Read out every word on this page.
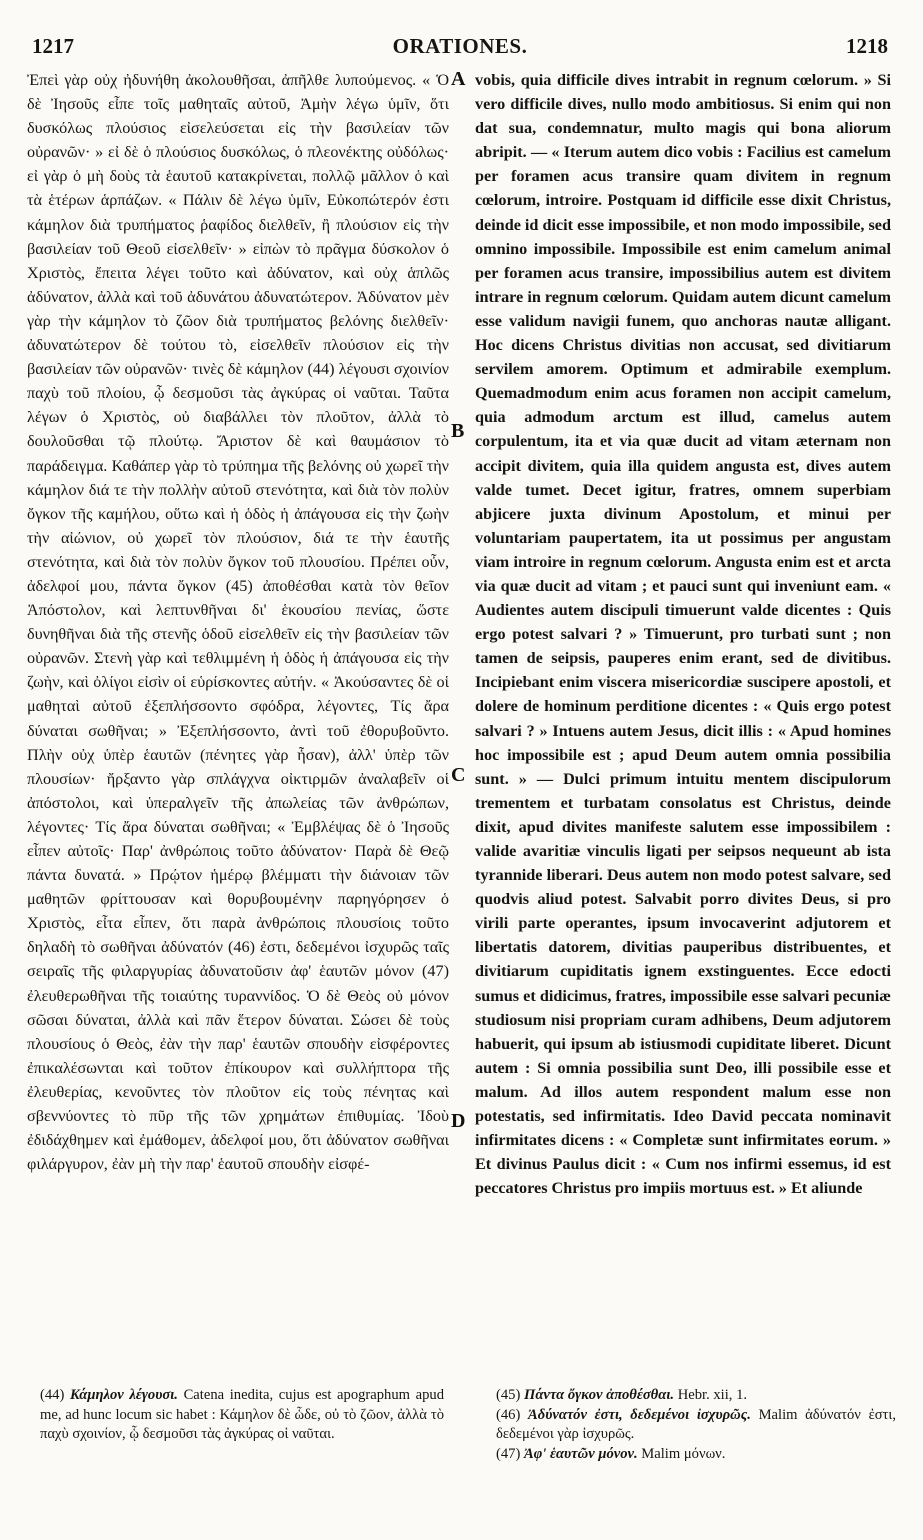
1217	ORATIONES.	1218

Ἐπεὶ γὰρ οὐχ ἠδυνήθη ἀκολουθῆσαι, ἀπῆλθε λυπούμενος. « Ὁ δὲ Ἰησοῦς εἶπε τοῖς μαθηταῖς αὐτοῦ, Ἀμὴν λέγω ὑμῖν, ὅτι δυσκόλως πλούσιος εἰσελεύσεται εἰς τὴν βασιλείαν τῶν οὐρανῶν· » εἰ δὲ ὁ πλούσιος δυσκόλως, ὁ πλεονέκτης οὐδόλως· εἰ γὰρ ὁ μὴ δοὺς τὰ ἑαυτοῦ κατακρίνεται, πολλῷ μᾶλλον ὁ καὶ τὰ ἑτέρων ἁρπάζων. « Πάλιν δὲ λέγω ὑμῖν, Εὐκοπώτερόν ἐστι κάμηλον διὰ τρυπήματος ῥαφίδος διελθεῖν, ἢ πλούσιον εἰς τὴν βασιλείαν τοῦ Θεοῦ εἰσελθεῖν· » εἰπὼν τὸ πρᾶγμα δύσκολον ὁ Χριστὸς, ἔπειτα λέγει τοῦτο καὶ ἀδύνατον, καὶ οὐχ ἁπλῶς ἀδύνατον, ἀλλὰ καὶ τοῦ ἀδυνάτου ἀδυνατώτερον. Ἀδύνατον μὲν γὰρ τὴν κάμηλον τὸ ζῶον διὰ τρυπήματος βελόνης διελθεῖν· ἀδυνατώτερον δὲ τούτου τὸ, εἰσελθεῖν πλούσιον εἰς τὴν βασιλείαν τῶν οὐρανῶν· τινὲς δὲ κάμηλον (44) λέγουσι σχοινίον παχὺ τοῦ πλοίου, ᾧ δεσμοῦσι τὰς ἀγκύρας οἱ ναῦται. Ταῦτα λέγων ὁ Χριστὸς, οὐ διαβάλλει τὸν πλοῦτον, ἀλλὰ τὸ δουλοῦσθαι τῷ πλούτῳ. Ἄριστον δὲ καὶ θαυμάσιον τὸ παράδειγμα. Καθάπερ γὰρ τὸ τρύπημα τῆς βελόνης οὐ χωρεῖ τὴν κάμηλον διά τε τὴν πολλὴν αὐτοῦ στενότητα, καὶ διὰ τὸν πολὺν ὄγκον τῆς καμήλου, οὕτω καὶ ἡ ὁδὸς ἡ ἀπάγουσα εἰς τὴν ζωὴν τὴν αἰώνιον, οὐ χωρεῖ τὸν πλούσιον, διά τε τὴν ἑαυτῆς στενότητα, καὶ διὰ τὸν πολὺν ὄγκον τοῦ πλουσίου. Πρέπει οὖν, ἀδελφοί μου, πάντα ὄγκον (45) ἀποθέσθαι κατὰ τὸν θεῖον Ἀπόστολον, καὶ λεπτυνθῆναι δι' ἑκουσίου πενίας, ὥστε δυνηθῆναι διὰ τῆς στενῆς ὁδοῦ εἰσελθεῖν εἰς τὴν βασιλείαν τῶν οὐρανῶν. Στενὴ γὰρ καὶ τεθλιμμένη ἡ ὁδὸς ἡ ἀπάγουσα εἰς τὴν ζωὴν, καὶ ὀλίγοι εἰσὶν οἱ εὑρίσκοντες αὐτήν. « Ἀκούσαντες δὲ οἱ μαθηταὶ αὐτοῦ ἐξεπλήσσοντο σφόδρα, λέγοντες, Τίς ἄρα δύναται σωθῆναι; » Ἐξεπλήσσοντο, ἀντὶ τοῦ ἐθορυβοῦντο. Πλὴν οὐχ ὑπὲρ ἑαυτῶν (πένητες γὰρ ἦσαν), ἀλλ' ὑπὲρ τῶν πλουσίων· ἤρξαντο γὰρ σπλάγχνα οἰκτιρμῶν ἀναλαβεῖν οἱ ἀπόστολοι, καὶ ὑπεραλγεῖν τῆς ἀπωλείας τῶν ἀνθρώπων, λέγοντες· Τίς ἄρα δύναται σωθῆναι; « Ἐμβλέψας δὲ ὁ Ἰησοῦς εἶπεν αὐτοῖς· Παρ' ἀνθρώποις τοῦτο ἀδύνατον· Παρὰ δὲ Θεῷ πάντα δυνατά. » Πρῴτον ἡμέρῳ βλέμματι τὴν διάνοιαν τῶν μαθητῶν φρίττουσαν καὶ θορυβουμένην παρηγόρησεν ὁ Χριστὸς, εἶτα εἶπεν, ὅτι παρὰ ἀνθρώποις πλουσίοις τοῦτο δηλαδὴ τὸ σωθῆναι ἀδύνατόν (46) ἐστι, δεδεμένοι ἰσχυρῶς ταῖς σειραῖς τῆς φιλαργυρίας ἀδυνατοῦσιν ἀφ' ἑαυτῶν μόνον (47) ἐλευθερωθῆναι τῆς τοιαύτης τυραννίδος. Ὁ δὲ Θεὸς οὐ μόνον σῶσαι δύναται, ἀλλὰ καὶ πᾶν ἕτερον δύναται. Σώσει δὲ τοὺς πλουσίους ὁ Θεὸς, ἐὰν τὴν παρ' ἑαυτῶν σπουδὴν εἰσφέροντες ἐπικαλέσωνται καὶ τοῦτον ἐπίκουρον καὶ συλλήπτορα τῆς ἐλευθερίας, κενοῦντες τὸν πλοῦτον εἰς τοὺς πένητας καὶ σβεννύοντες τὸ πῦρ τῆς τῶν χρημάτων ἐπιθυμίας. Ἰδοὺ ἐδιδάχθημεν καὶ ἐμάθομεν, ἀδελφοί μου, ὅτι ἀδύνατον σωθῆναι φιλάργυρον, ἐὰν μὴ τὴν παρ' ἑαυτοῦ σπουδὴν εἰσφέ-

A
B
C
D

vobis, quia difficile dives intrabit in regnum cœlorum. » Si vero difficile dives, nullo modo ambitiosus. Si enim qui non dat sua, condemnatur, multo magis qui bona aliorum abripit. — « Iterum autem dico vobis : Facilius est camelum per foramen acus transire quam divitem in regnum cœlorum, introire. Postquam id difficile esse dixit Christus, deinde id dicit esse impossibile, et non modo impossibile, sed omnino impossibile. Impossibile est enim camelum animal per foramen acus transire, impossibilius autem est divitem intrare in regnum cœlorum. Quidam autem dicunt camelum esse validum navigii funem, quo anchoras nautæ alligant. Hoc dicens Christus divitias non accusat, sed divitiarum servilem amorem. Optimum et admirabile exemplum. Quemadmodum enim acus foramen non accipit camelum, quia admodum arctum est illud, camelus autem corpulentum, ita et via quæ ducit ad vitam æternam non accipit divitem, quia illa quidem angusta est, dives autem valde tumet. Decet igitur, fratres, omnem superbiam abjicere juxta divinum Apostolum, et minui per voluntariam paupertatem, ita ut possimus per angustam viam introire in regnum cœlorum. Angusta enim est et arcta via quæ ducit ad vitam ; et pauci sunt qui inveniunt eam. « Audientes autem discipuli timuerunt valde dicentes : Quis ergo potest salvari ? » Timuerunt, pro turbati sunt ; non tamen de seipsis, pauperes enim erant, sed de divitibus. Incipiebant enim viscera misericordiæ suscipere apostoli, et dolere de hominum perditione dicentes : « Quis ergo potest salvari ? » Intuens autem Jesus, dicit illis : « Apud homines hoc impossibile est ; apud Deum autem omnia possibilia sunt. » — Dulci primum intuitu mentem discipulorum trementem et turbatam consolatus est Christus, deinde dixit, apud divites manifeste salutem esse impossibilem : valide avaritiæ vinculis ligati per seipsos nequeunt ab ista tyrannide liberari. Deus autem non modo potest salvare, sed quodvis aliud potest. Salvabit porro divites Deus, si pro virili parte operantes, ipsum invocaverint adjutorem et libertatis datorem, divitias pauperibus distribuentes, et divitiarum cupiditatis ignem exstinguentes. Ecce edocti sumus et didicimus, fratres, impossibile esse salvari pecuniæ studiosum nisi propriam curam adhibens, Deum adjutorem habuerit, qui ipsum ab istiusmodi cupiditate liberet. Dicunt autem : Si omnia possibilia sunt Deo, illi possibile esse et malum. Ad illos autem respondent malum esse non potestatis, sed infirmitatis. Ideo David peccata nominavit infirmitates dicens : « Completæ sunt infirmitates eorum. » Et divinus Paulus dicit : « Cum nos infirmi essemus, id est peccatores Christus pro impiis mortuus est. » Et aliunde

(44) Κάμηλον λέγουσι. Catena inedita, cujus est apographum apud me, ad hunc locum sic habet : Κάμηλον δὲ ὧδε, οὐ τὸ ζῶον, ἀλλὰ τὸ παχὺ σχοινίον, ᾧ δεσμοῦσι τὰς ἀγκύρας οἱ ναῦται.

(45) Πάντα ὄγκον ἀποθέσθαι. Hebr. xii, 1.

(46) Ἀδύνατόν ἐστι, δεδεμένοι ἰσχυρῶς. Malim ἀδύνατόν ἐστι, δεδεμένοι γὰρ ἰσχυρῶς.

(47) Ἀφ' ἑαυτῶν μόνον. Malim μόνων.
